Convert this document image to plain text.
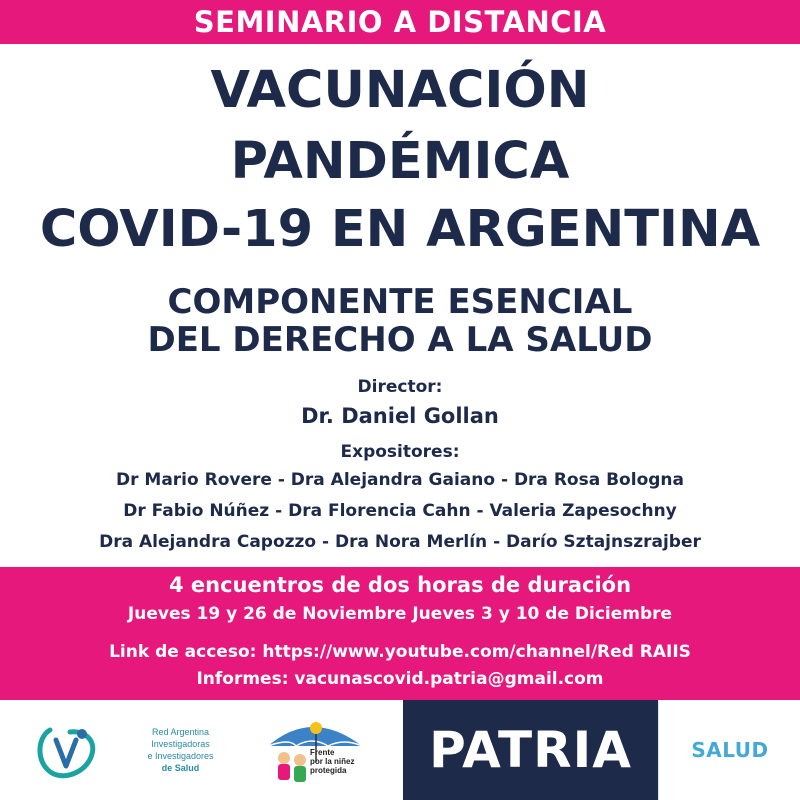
SEMINARIO A DISTANCIA
VACUNACIÓN
PANDÉMICA
COVID-19 EN ARGENTINA
COMPONENTE ESENCIAL
DEL DERECHO A LA SALUD
Director:
Dr. Daniel Gollan
Expositores:
Dr Mario Rovere - Dra Alejandra Gaiano - Dra Rosa Bologna
Dr Fabio Núñez - Dra Florencia Cahn - Valeria Zapesochny
Dra Alejandra Capozzo - Dra Nora Merlín - Darío Sztajnszrajber
4 encuentros de dos horas de duración
Jueves 19 y 26 de Noviembre Jueves 3 y 10 de Diciembre
Link de acceso: https://www.youtube.com/channel/Red RAIIS
Informes: vacunascovid.patria@gmail.com
Red Argentina
Investigadoras
e Investigadores
de Salud
Frente
por la niñez
protegida	PATRIA	SALUD
